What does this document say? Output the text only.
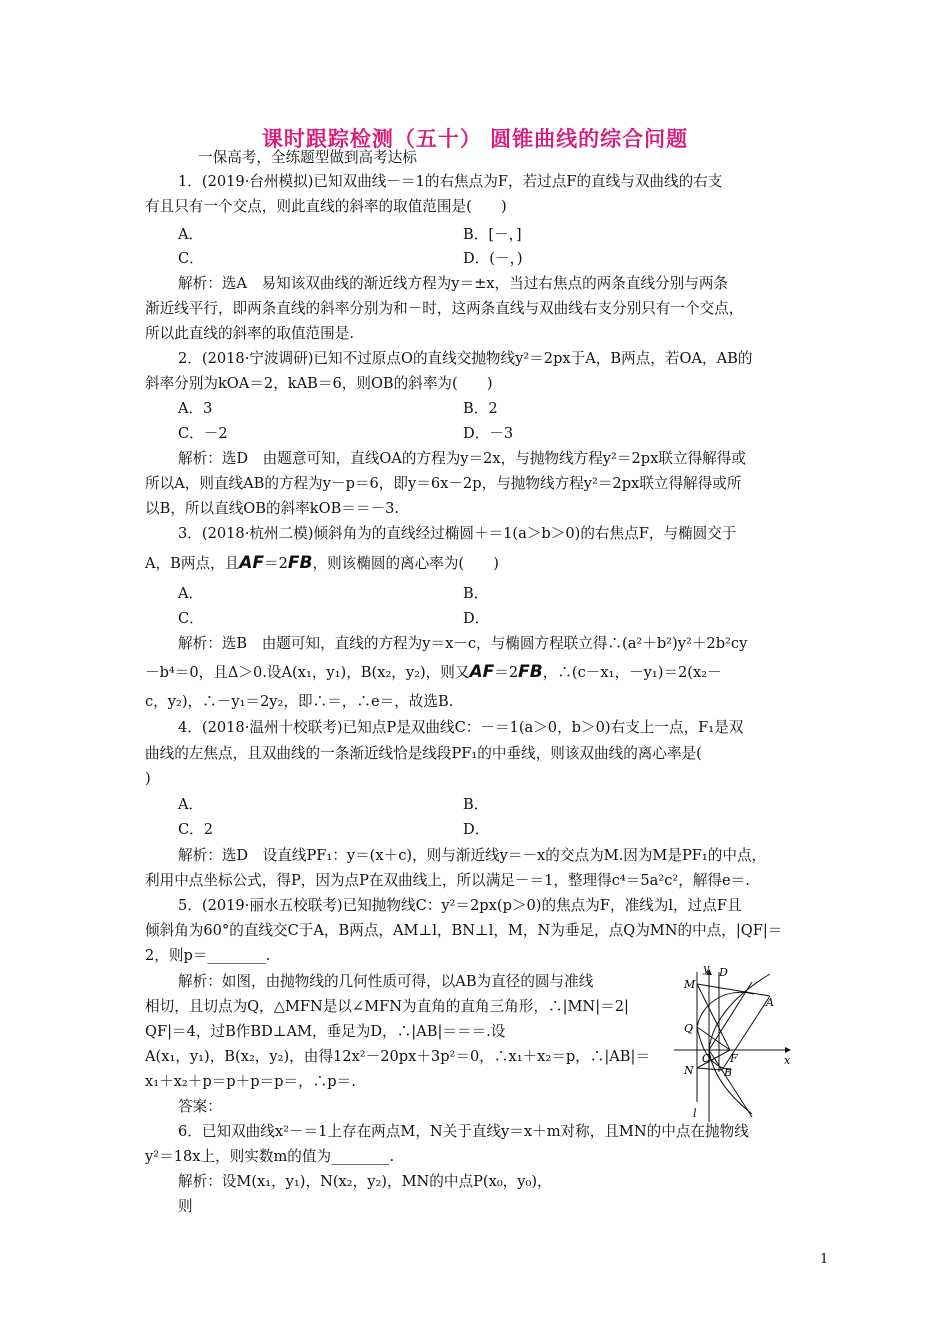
课时跟踪检测（五十） 圆锥曲线的综合问题
一保高考，全练题型做到高考达标
1．(2019·台州模拟)已知双曲线－＝1的右焦点为F，若过点F的直线与双曲线的右支
有且只有一个交点，则此直线的斜率的取值范围是(　　)
A．	B．[－，]
C．	D．(－，)
解析：选A　易知该双曲线的渐近线方程为y＝±x，当过右焦点的两条直线分别与两条
渐近线平行，即两条直线的斜率分别为和－时，这两条直线与双曲线右支分别只有一个交点，
所以此直线的斜率的取值范围是.
2．(2018·宁波调研)已知不过原点O的直线交抛物线y²＝2px于A，B两点，若OA，AB的
斜率分别为kOA＝2，kAB＝6，则OB的斜率为(　　)
A．3	B．2
C．－2	D．－3
解析：选D　由题意可知，直线OA的方程为y＝2x，与抛物线方程y²＝2px联立得解得或
所以A，则直线AB的方程为y－p＝6，即y＝6x－2p，与抛物线方程y²＝2px联立得解得或所
以B，所以直线OB的斜率kOB＝＝－3.
3．(2018·杭州二模)倾斜角为的直线经过椭圆＋＝1(a＞b＞0)的右焦点F，与椭圆交于
A，B两点，且AF＝2FB，则该椭圆的离心率为(　　)
A．	B．
C．	D．
解析：选B　由题可知，直线的方程为y＝x－c，与椭圆方程联立得∴(a²＋b²)y²＋2b²cy
－b⁴＝0，且Δ＞0.设A(x₁，y₁)，B(x₂，y₂)，则又AF＝2FB，∴(c－x₁，－y₁)＝2(x₂－
c，y₂)，∴－y₁＝2y₂，即∴＝，∴e＝，故选B.
4．(2018·温州十校联考)已知点P是双曲线C：－＝1(a＞0，b＞0)右支上一点，F₁是双
曲线的左焦点，且双曲线的一条渐近线恰是线段PF₁的中垂线，则该双曲线的离心率是(
)
A．	B．
C．2	D．
解析：选D　设直线PF₁：y＝(x＋c)，则与渐近线y＝－x的交点为M.因为M是PF₁的中点，
利用中点坐标公式，得P，因为点P在双曲线上，所以满足－＝1，整理得c⁴＝5a²c²，解得e＝.
5．(2019·丽水五校联考)已知抛物线C：y²＝2px(p＞0)的焦点为F，准线为l，过点F且
倾斜角为60°的直线交C于A，B两点，AM⊥l，BN⊥l，M，N为垂足，点Q为MN的中点，|QF|＝
2，则p＝________.
解析：如图，由抛物线的几何性质可得，以AB为直径的圆与准线
相切，且切点为Q，△MFN是以∠MFN为直角的直角三角形，∴|MN|＝2|
QF|＝4，过B作BD⊥AM，垂足为D，∴|AB|＝＝＝.设
A(x₁，y₁)，B(x₂，y₂)，由得12x²－20px＋3p²＝0，∴x₁＋x₂＝p，∴|AB|＝
x₁＋x₂＋p＝p＋p＝p＝，∴p＝.
答案：
y D
M
A
Q
O F	x
N	B
l
6．已知双曲线x²－＝1上存在两点M，N关于直线y＝x＋m对称，且MN的中点在抛物线
y²＝18x上，则实数m的值为________.
解析：设M(x₁，y₁)，N(x₂，y₂)，MN的中点P(x₀，y₀)，
则
1
